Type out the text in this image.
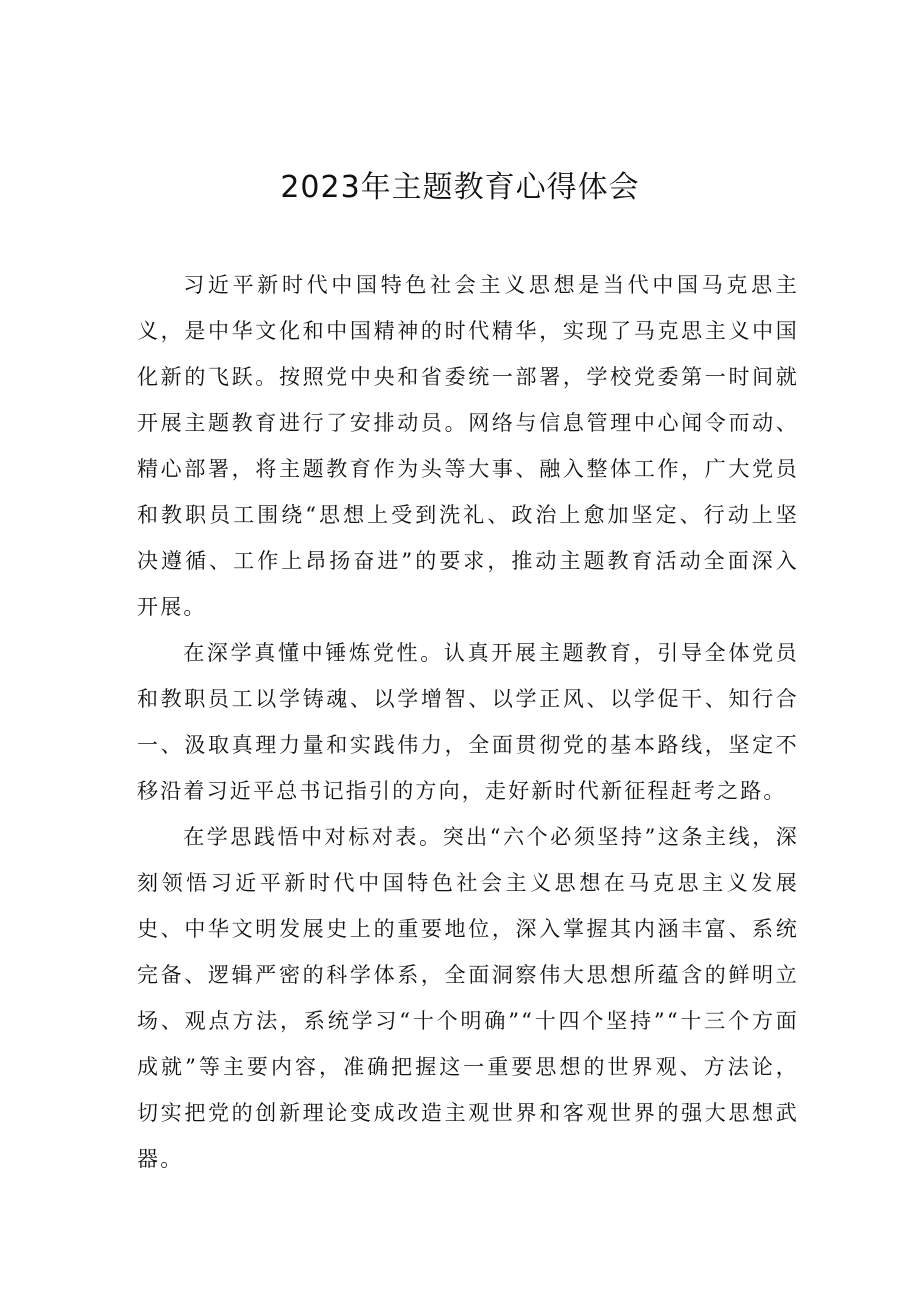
2023年主题教育心得体会

习近平新时代中国特色社会主义思想是当代中国马克思主义，是中华文化和中国精神的时代精华，实现了马克思主义中国化新的飞跃。按照党中央和省委统一部署，学校党委第一时间就开展主题教育进行了安排动员。网络与信息管理中心闻令而动、精心部署，将主题教育作为头等大事、融入整体工作，广大党员和教职员工围绕“思想上受到洗礼、政治上愈加坚定、行动上坚决遵循、工作上昂扬奋进”的要求，推动主题教育活动全面深入开展。

在深学真懂中锤炼党性。认真开展主题教育，引导全体党员和教职员工以学铸魂、以学增智、以学正风、以学促干、知行合一、汲取真理力量和实践伟力，全面贯彻党的基本路线，坚定不移沿着习近平总书记指引的方向，走好新时代新征程赶考之路。

在学思践悟中对标对表。突出“六个必须坚持”这条主线，深刻领悟习近平新时代中国特色社会主义思想在马克思主义发展史、中华文明发展史上的重要地位，深入掌握其内涵丰富、系统完备、逻辑严密的科学体系，全面洞察伟大思想所蕴含的鲜明立场、观点方法，系统学习“十个明确”“十四个坚持”“十三个方面成就”等主要内容，准确把握这一重要思想的世界观、方法论，切实把党的创新理论变成改造主观世界和客观世界的强大思想武器。
